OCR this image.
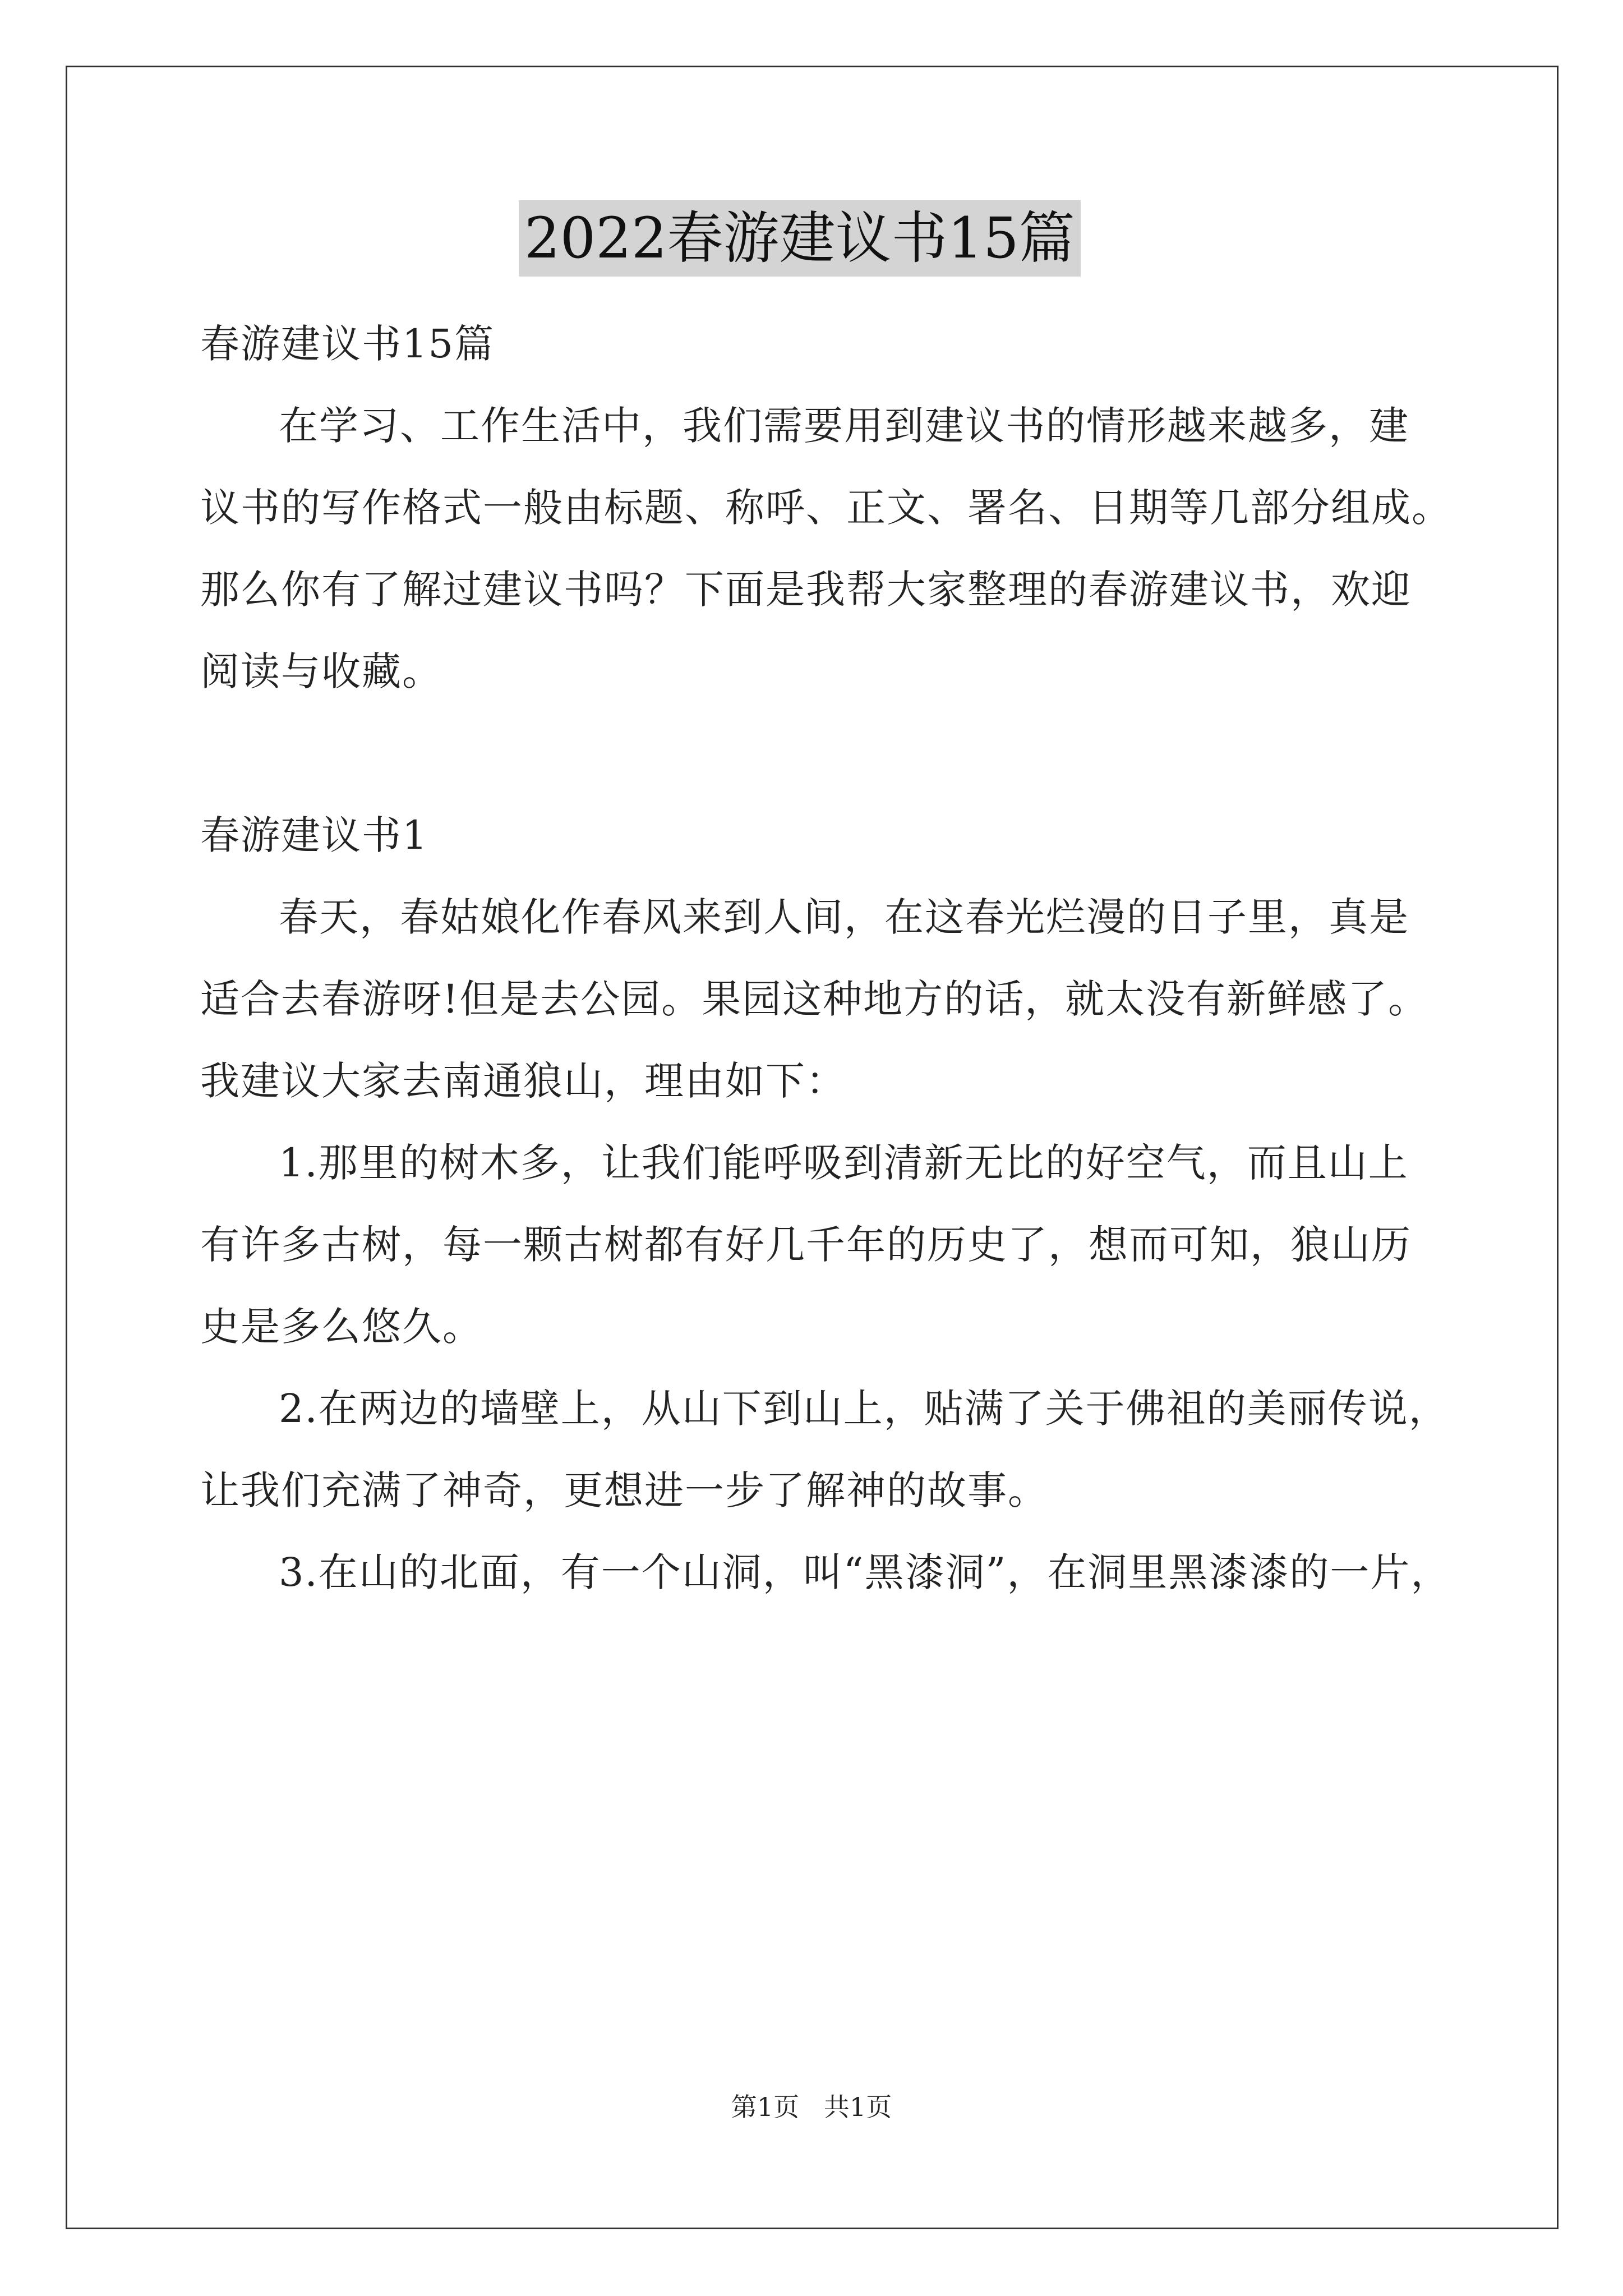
2022春游建议书15篇
春游建议书15篇
在学习、工作生活中，我们需要用到建议书的情形越来越多，建
议书的写作格式一般由标题、称呼、正文、署名、日期等几部分组成。
那么你有了解过建议书吗？下面是我帮大家整理的春游建议书，欢迎
阅读与收藏。
春游建议书1
春天，春姑娘化作春风来到人间，在这春光烂漫的日子里，真是
适合去春游呀!但是去公园。果园这种地方的话，就太没有新鲜感了。
我建议大家去南通狼山，理由如下：
1.那里的树木多，让我们能呼吸到清新无比的好空气，而且山上
有许多古树，每一颗古树都有好几千年的历史了，想而可知，狼山历
史是多么悠久。
2.在两边的墙壁上，从山下到山上，贴满了关于佛祖的美丽传说，
让我们充满了神奇，更想进一步了解神的故事。
3.在山的北面，有一个山洞，叫“黑漆洞”，在洞里黑漆漆的一片，
第1页   共1页
